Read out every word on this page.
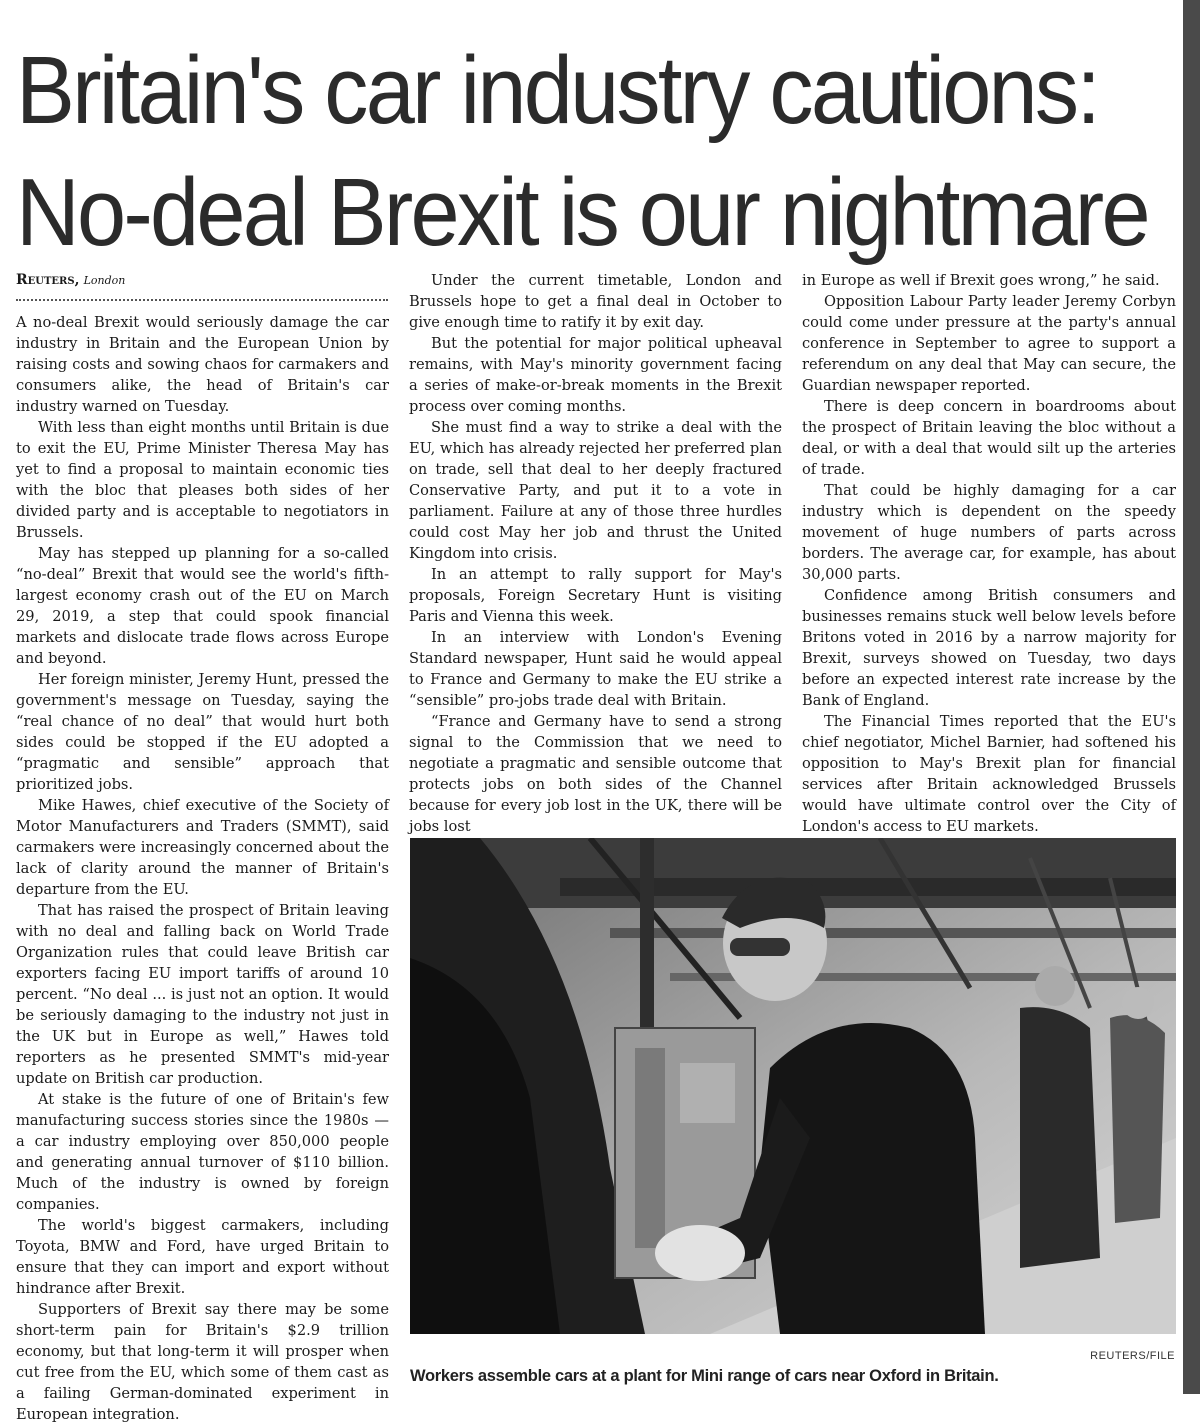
Britain's car industry cautions:
No-deal Brexit is our nightmare
Reuters, London

A no-deal Brexit would seriously damage the car industry in Britain and the European Union by raising costs and sowing chaos for carmakers and consumers alike, the head of Britain's car industry warned on Tuesday.

With less than eight months until Britain is due to exit the EU, Prime Minister Theresa May has yet to find a proposal to maintain economic ties with the bloc that pleases both sides of her divided party and is acceptable to negotiators in Brussels.

May has stepped up planning for a so-called “no-deal” Brexit that would see the world's fifth-largest economy crash out of the EU on March 29, 2019, a step that could spook financial markets and dislocate trade flows across Europe and beyond.

Her foreign minister, Jeremy Hunt, pressed the government's message on Tuesday, saying the “real chance of no deal” that would hurt both sides could be stopped if the EU adopted a “pragmatic and sensible” approach that prioritized jobs.

Mike Hawes, chief executive of the Society of Motor Manufacturers and Traders (SMMT), said carmakers were increasingly concerned about the lack of clarity around the manner of Britain's departure from the EU.

That has raised the prospect of Britain leaving with no deal and falling back on World Trade Organization rules that could leave British car exporters facing EU import tariffs of around 10 percent. “No deal ... is just not an option. It would be seriously damaging to the industry not just in the UK but in Europe as well,” Hawes told reporters as he presented SMMT's mid-year update on British car production.

At stake is the future of one of Britain's few manufacturing success stories since the 1980s — a car industry employing over 850,000 people and generating annual turnover of $110 billion. Much of the industry is owned by foreign companies.

The world's biggest carmakers, including Toyota, BMW and Ford, have urged Britain to ensure that they can import and export without hindrance after Brexit.

Supporters of Brexit say there may be some short-term pain for Britain's $2.9 trillion economy, but that long-term it will prosper when cut free from the EU, which some of them cast as a failing German-dominated experiment in European integration.

Under the current timetable, London and Brussels hope to get a final deal in October to give enough time to ratify it by exit day.

But the potential for major political upheaval remains, with May's minority government facing a series of make-or-break moments in the Brexit process over coming months.

She must find a way to strike a deal with the EU, which has already rejected her preferred plan on trade, sell that deal to her deeply fractured Conservative Party, and put it to a vote in parliament. Failure at any of those three hurdles could cost May her job and thrust the United Kingdom into crisis.

In an attempt to rally support for May's proposals, Foreign Secretary Hunt is visiting Paris and Vienna this week.

In an interview with London's Evening Standard newspaper, Hunt said he would appeal to France and Germany to make the EU strike a “sensible” pro-jobs trade deal with Britain.

“France and Germany have to send a strong signal to the Commission that we need to negotiate a pragmatic and sensible outcome that protects jobs on both sides of the Channel because for every job lost in the UK, there will be jobs lost

in Europe as well if Brexit goes wrong,” he said.

Opposition Labour Party leader Jeremy Corbyn could come under pressure at the party's annual conference in September to agree to support a referendum on any deal that May can secure, the Guardian newspaper reported.

There is deep concern in boardrooms about the prospect of Britain leaving the bloc without a deal, or with a deal that would silt up the arteries of trade.

That could be highly damaging for a car industry which is dependent on the speedy movement of huge numbers of parts across borders. The average car, for example, has about 30,000 parts.

Confidence among British consumers and businesses remains stuck well below levels before Britons voted in 2016 by a narrow majority for Brexit, surveys showed on Tuesday, two days before an expected interest rate increase by the Bank of England.

The Financial Times reported that the EU's chief negotiator, Michel Barnier, had softened his opposition to May's Brexit plan for financial services after Britain acknowledged Brussels would have ultimate control over the City of London's access to EU markets.

REUTERS/FILE
Workers assemble cars at a plant for Mini range of cars near Oxford in Britain.
